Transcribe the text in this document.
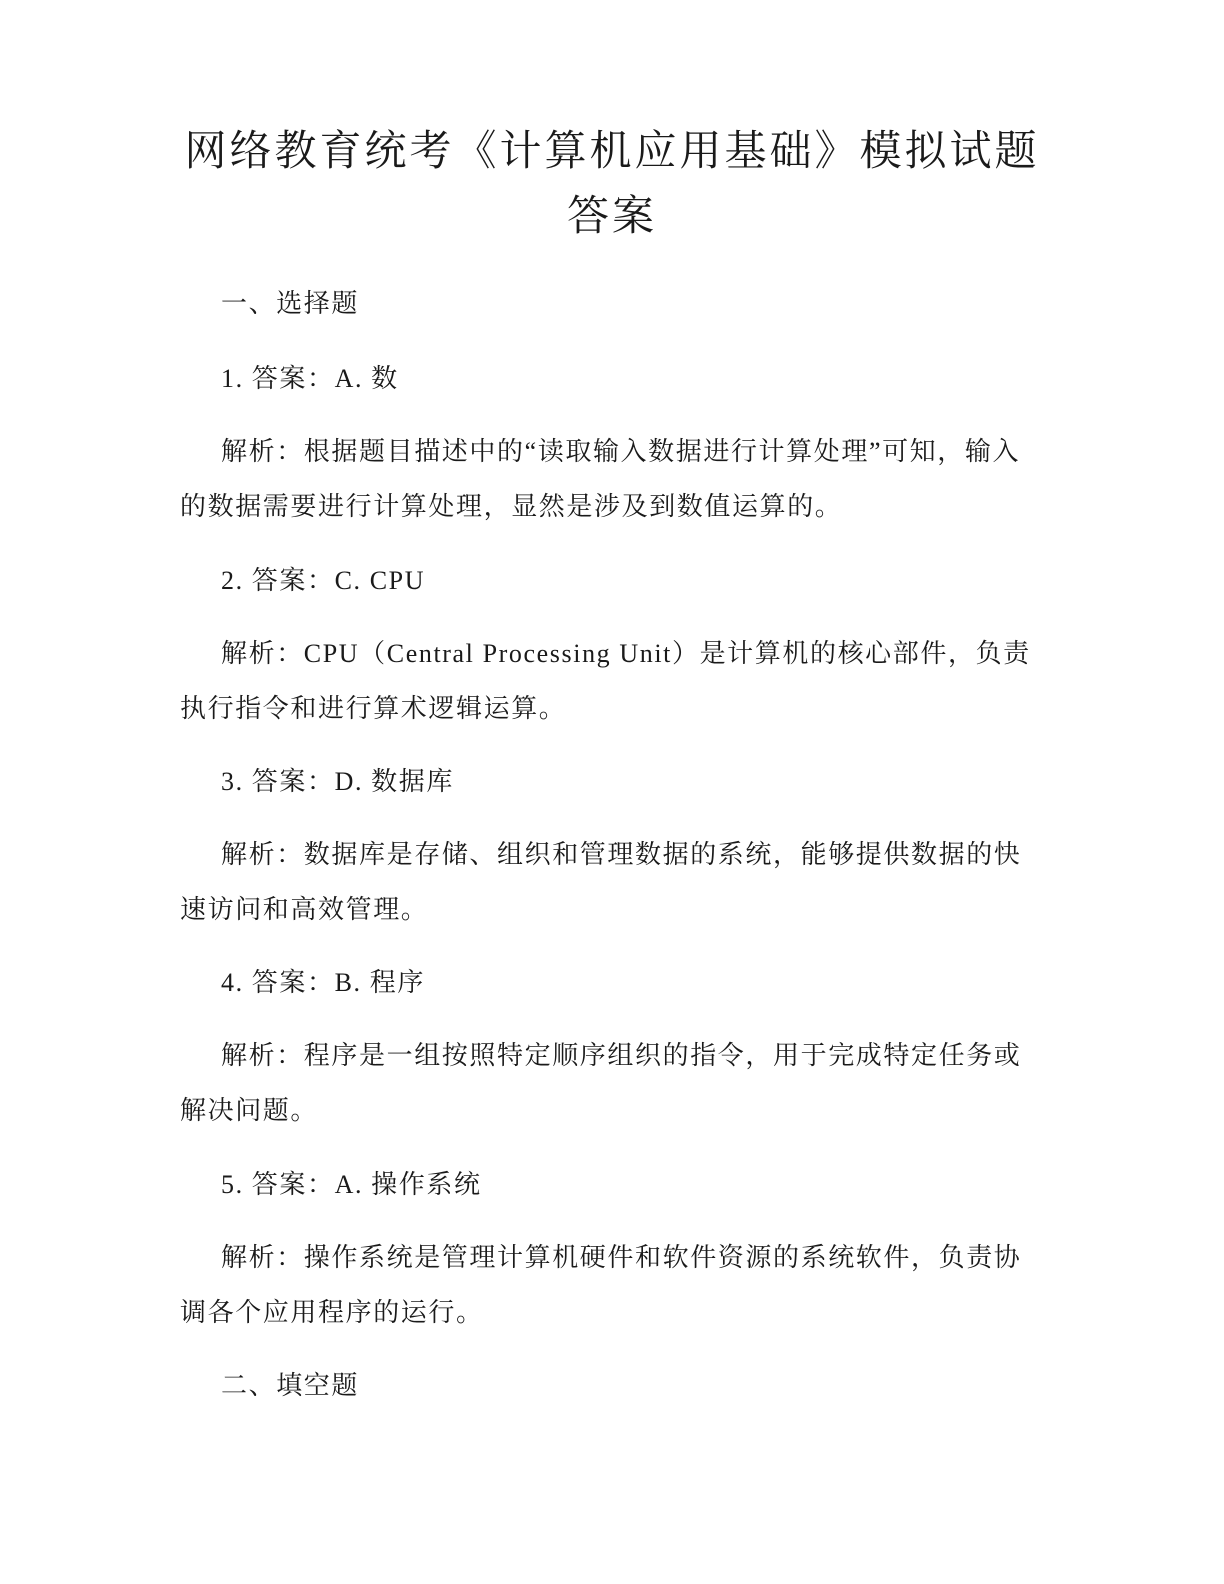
网络教育统考《计算机应用基础》模拟试题
答案

一、选择题

1. 答案：A. 数

解析：根据题目描述中的“读取输入数据进行计算处理”可知，输入

的数据需要进行计算处理，显然是涉及到数值运算的。

2. 答案：C. CPU

解析：CPU（Central Processing Unit）是计算机的核心部件，负责

执行指令和进行算术逻辑运算。

3. 答案：D. 数据库

解析：数据库是存储、组织和管理数据的系统，能够提供数据的快

速访问和高效管理。

4. 答案：B. 程序

解析：程序是一组按照特定顺序组织的指令，用于完成特定任务或

解决问题。

5. 答案：A. 操作系统

解析：操作系统是管理计算机硬件和软件资源的系统软件，负责协

调各个应用程序的运行。

二、填空题
